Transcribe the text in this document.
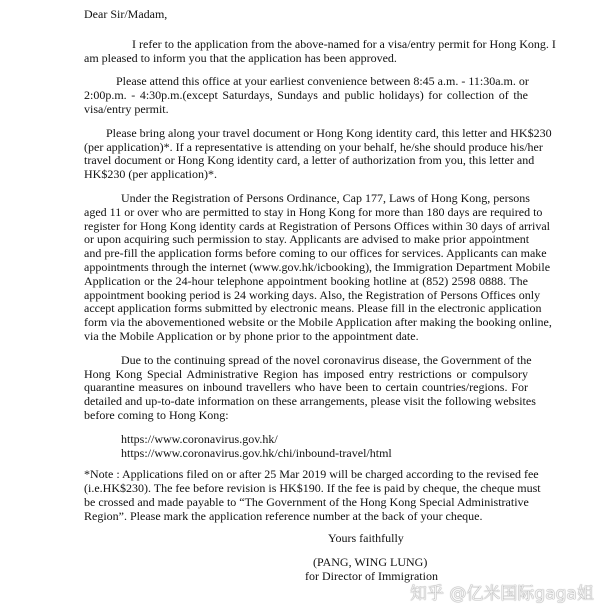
Dear Sir/Madam,
I refer to the application from the above-named for a visa/entry permit for Hong Kong. I
am pleased to inform you that the application has been approved.
Please attend this office at your earliest convenience between 8:45 a.m. - 11:30a.m. or
2:00p.m. - 4:30p.m.(except Saturdays, Sundays and public holidays) for collection of the
visa/entry permit.
Please bring along your travel document or Hong Kong identity card, this letter and HK$230
(per application)*. If a representative is attending on your behalf, he/she should produce his/her
travel document or Hong Kong identity card, a letter of authorization from you, this letter and
HK$230 (per application)*.
Under the Registration of Persons Ordinance, Cap 177, Laws of Hong Kong, persons
aged 11 or over who are permitted to stay in Hong Kong for more than 180 days are required to
register for Hong Kong identity cards at Registration of Persons Offices within 30 days of arrival
or upon acquiring such permission to stay. Applicants are advised to make prior appointment
and pre-fill the application forms before coming to our offices for services. Applicants can make
appointments through the internet (www.gov.hk/icbooking), the Immigration Department Mobile
Application or the 24-hour telephone appointment booking hotline at (852) 2598 0888. The
appointment booking period is 24 working days. Also, the Registration of Persons Offices only
accept application forms submitted by electronic means. Please fill in the electronic application
form via the abovementioned website or the Mobile Application after making the booking online,
via the Mobile Application or by phone prior to the appointment date.
Due to the continuing spread of the novel coronavirus disease, the Government of the
Hong Kong Special Administrative Region has imposed entry restrictions or compulsory
quarantine measures on inbound travellers who have been to certain countries/regions. For
detailed and up-to-date information on these arrangements, please visit the following websites
before coming to Hong Kong:
https://www.coronavirus.gov.hk/
https://www.coronavirus.gov.hk/chi/inbound-travel/html
*Note : Applications filed on or after 25 Mar 2019 will be charged according to the revised fee
(i.e.HK$230). The fee before revision is HK$190. If the fee is paid by cheque, the cheque must
be crossed and made payable to “The Government of the Hong Kong Special Administrative
Region”. Please mark the application reference number at the back of your cheque.
Yours faithfully
(PANG, WING LUNG)
for Director of Immigration
知乎 @亿米国际gaga姐
